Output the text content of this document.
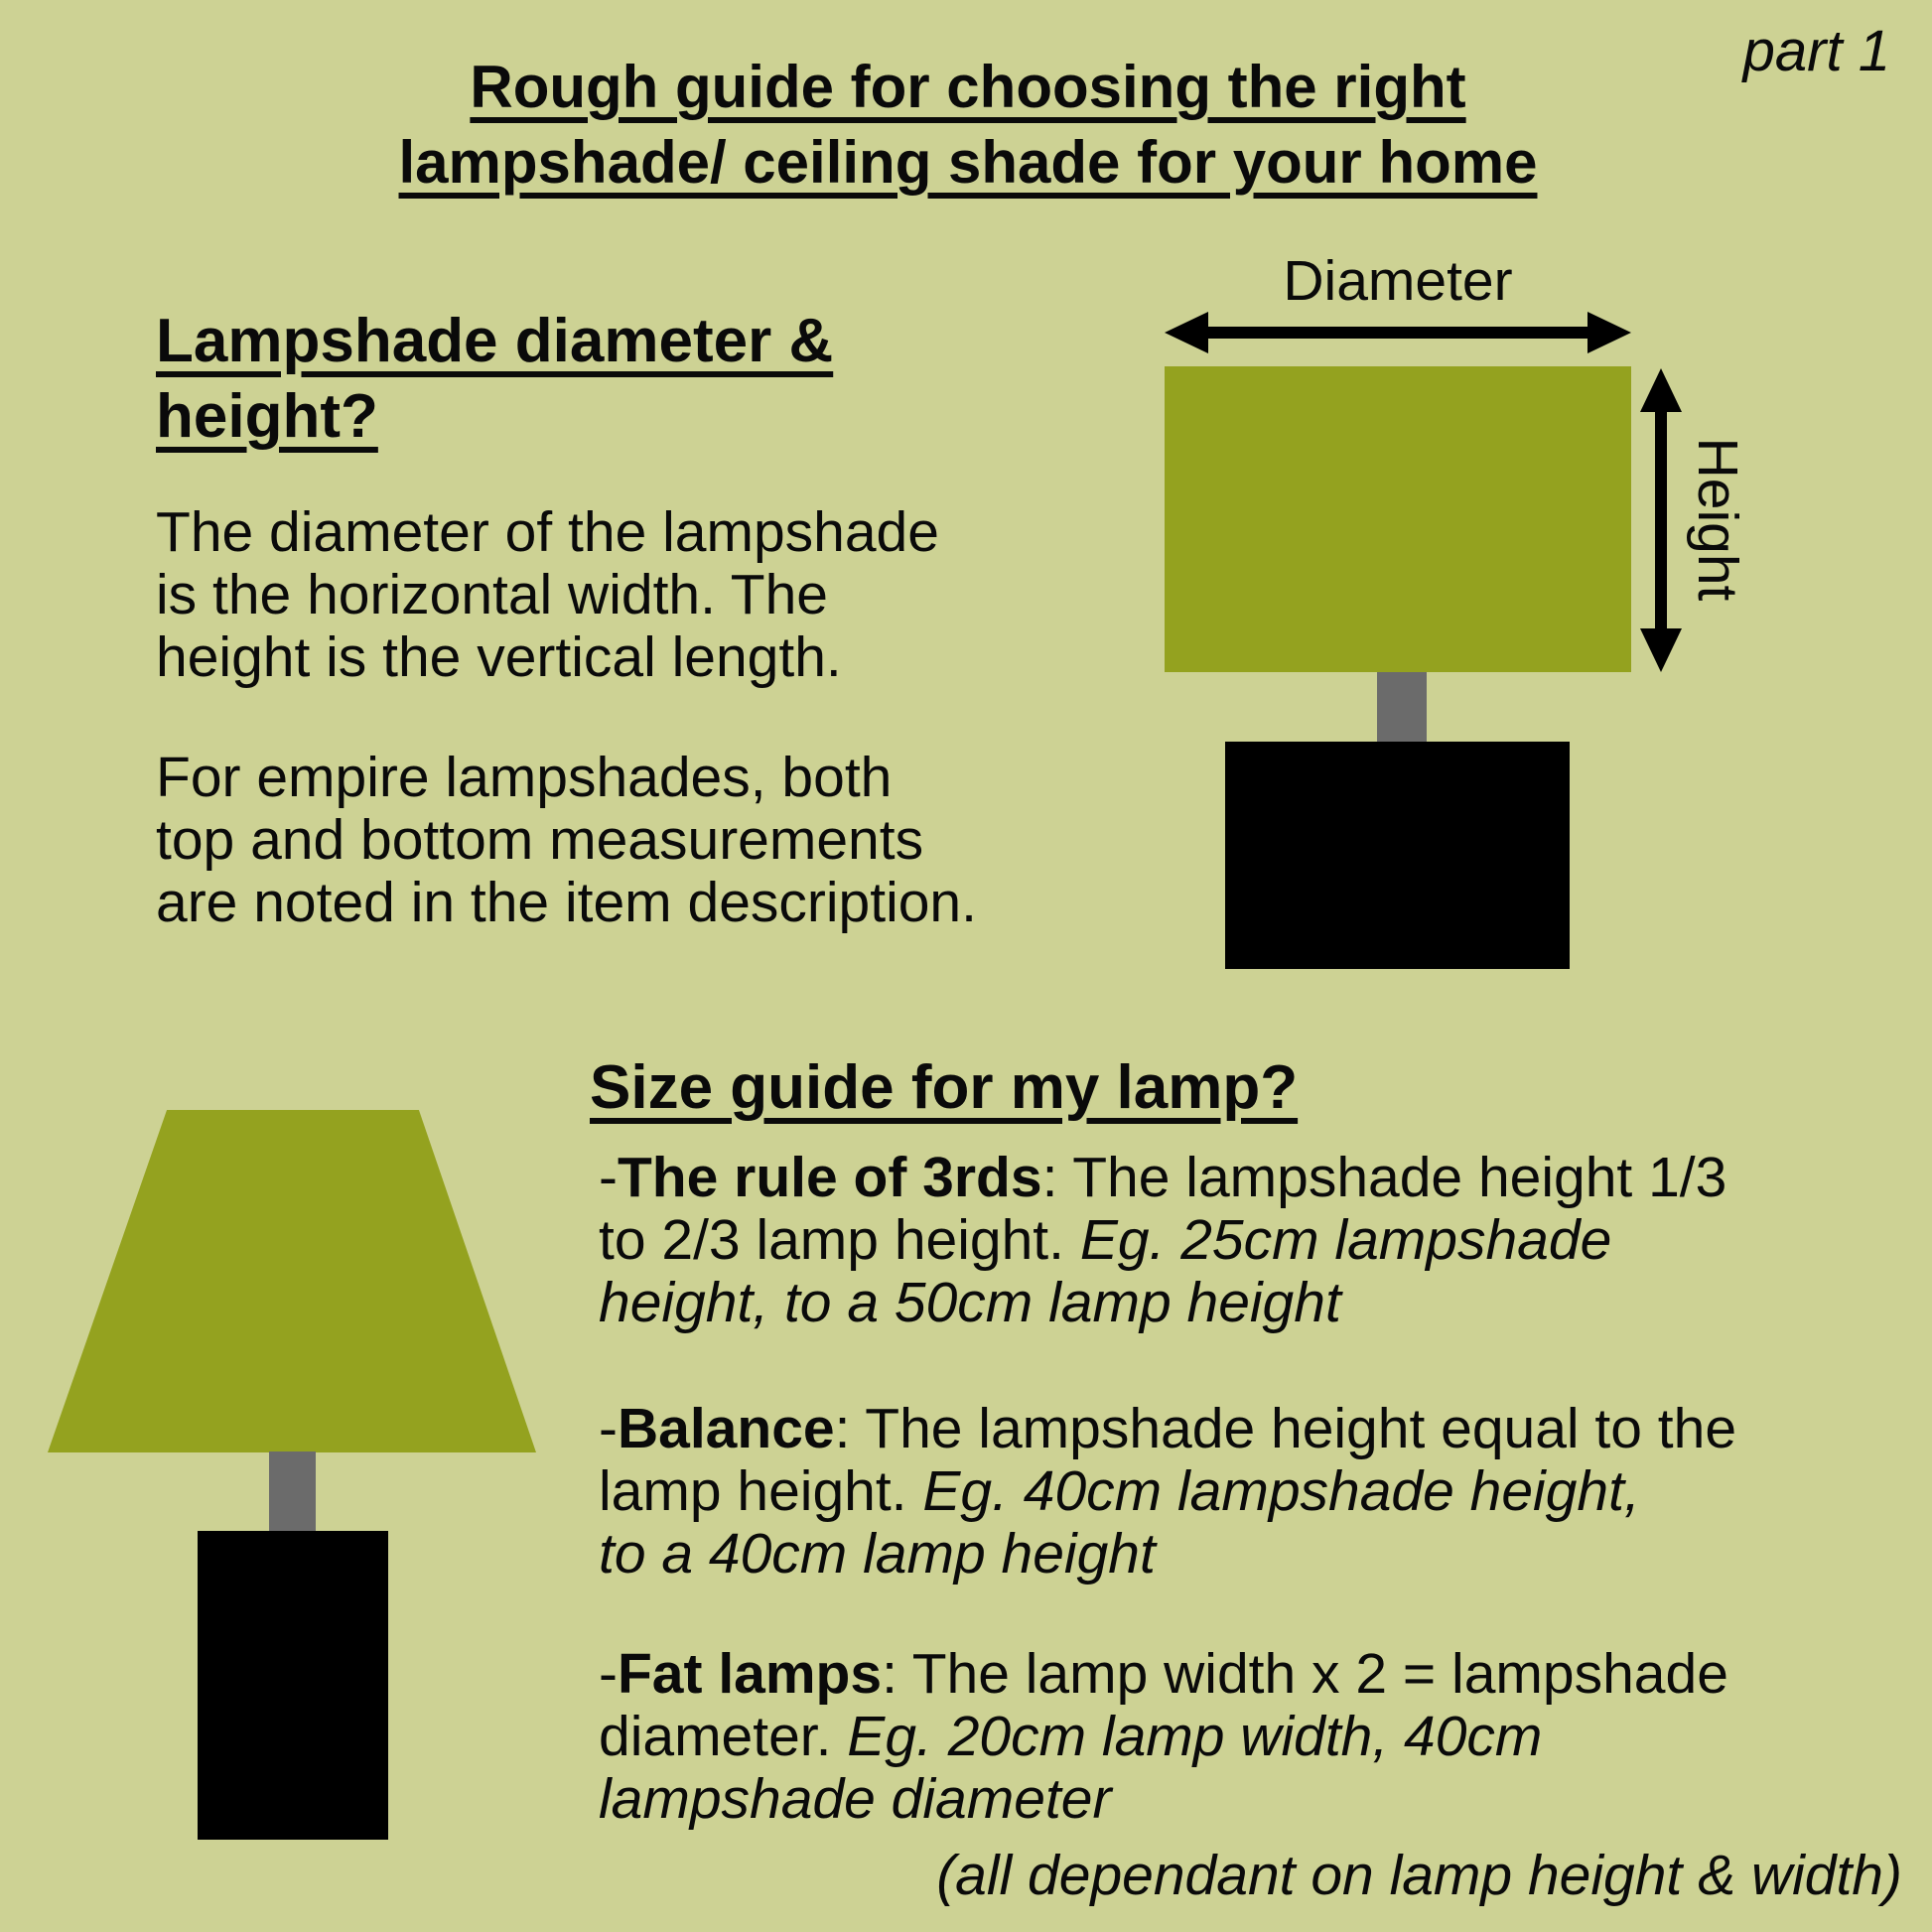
part 1
Rough guide for choosing the right
lampshade/ ceiling shade for your home
Lampshade diameter &
height?
The diameter of the lampshade
is the horizontal width. The
height is the vertical length.
For empire lampshades, both
top and bottom measurements
are noted in the item description.
Diameter
Height
Size guide for my lamp?
-The rule of 3rds: The lampshade height 1/3
to 2/3 lamp height. Eg. 25cm lampshade
height, to a 50cm lamp height
-Balance: The lampshade height equal to the
lamp height. Eg. 40cm lampshade height,
to a 40cm lamp height
-Fat lamps: The lamp width x 2 = lampshade
diameter. Eg. 20cm lamp width, 40cm
lampshade diameter
(all dependant on lamp height & width)
